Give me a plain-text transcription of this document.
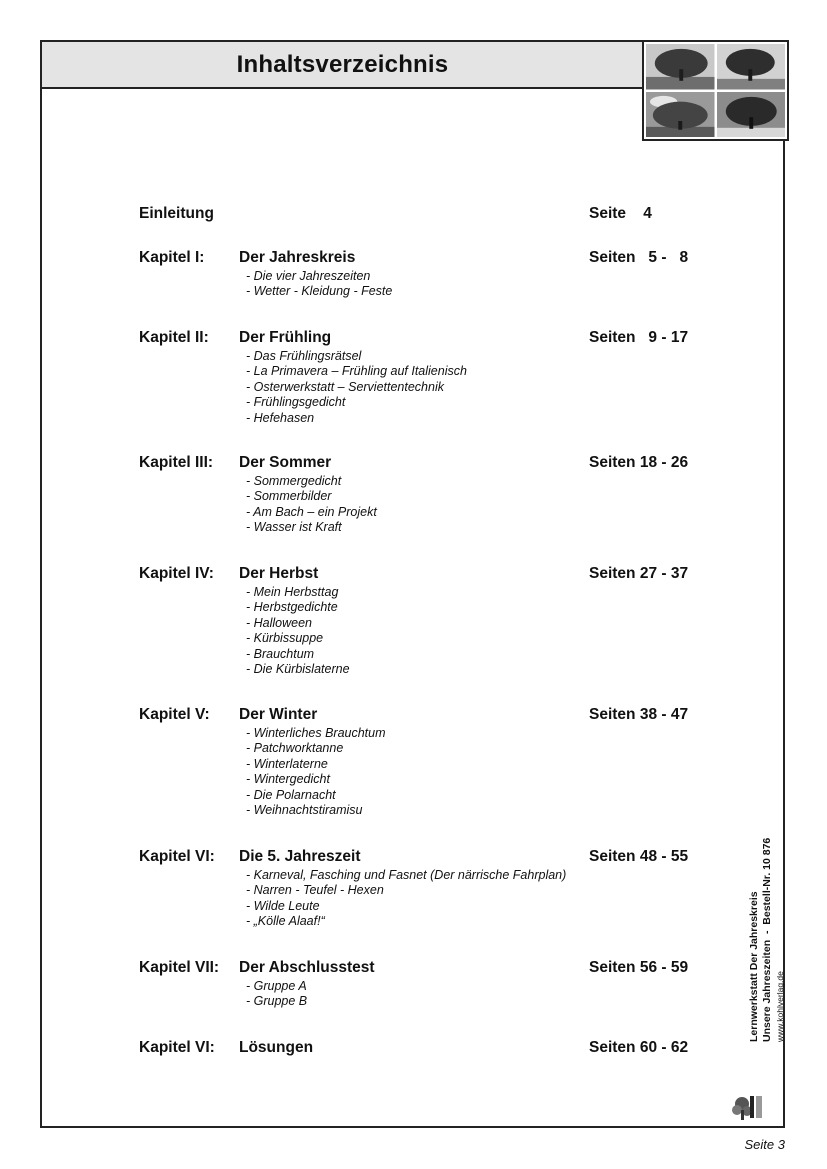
Inhaltsverzeichnis
Einleitung	Seite    4
Kapitel I: Der Jahreskreis	Seiten   5 -   8
- Die vier Jahreszeiten
- Wetter - Kleidung - Feste
Kapitel II: Der Frühling	Seiten   9 - 17
- Das Frühlingsrätsel
- La Primavera – Frühling auf Italienisch
- Osterwerkstatt – Serviettentechnik
- Frühlingsgedicht
- Hefehasen
Kapitel III: Der Sommer	Seiten 18 - 26
- Sommergedicht
- Sommerbilder
- Am Bach – ein Projekt
- Wasser ist Kraft
Kapitel IV: Der Herbst	Seiten 27 - 37
- Mein Herbsttag
- Herbstgedichte
- Halloween
- Kürbissuppe
- Brauchtum
- Die Kürbislaterne
Kapitel V: Der Winter	Seiten 38 - 47
- Winterliches Brauchtum
- Patchworktanne
- Winterlaterne
- Wintergedicht
- Die Polarnacht
- Weihnachtstiramisu
Kapitel VI: Die 5. Jahreszeit	Seiten 48 - 55
- Karneval, Fasching und Fasnet (Der närrische Fahrplan)
- Narren - Teufel - Hexen
- Wilde Leute
- „Kölle Alaaf!“
Kapitel VII: Der Abschlusstest	Seiten 56 - 59
- Gruppe A
- Gruppe B
Kapitel VI: Lösungen	Seiten 60 - 62
Lernwerkstatt Der Jahreskreis Unsere Jahreszeiten  -  Bestell-Nr. 10 876 www.kohlverlag.de
Seite 3
